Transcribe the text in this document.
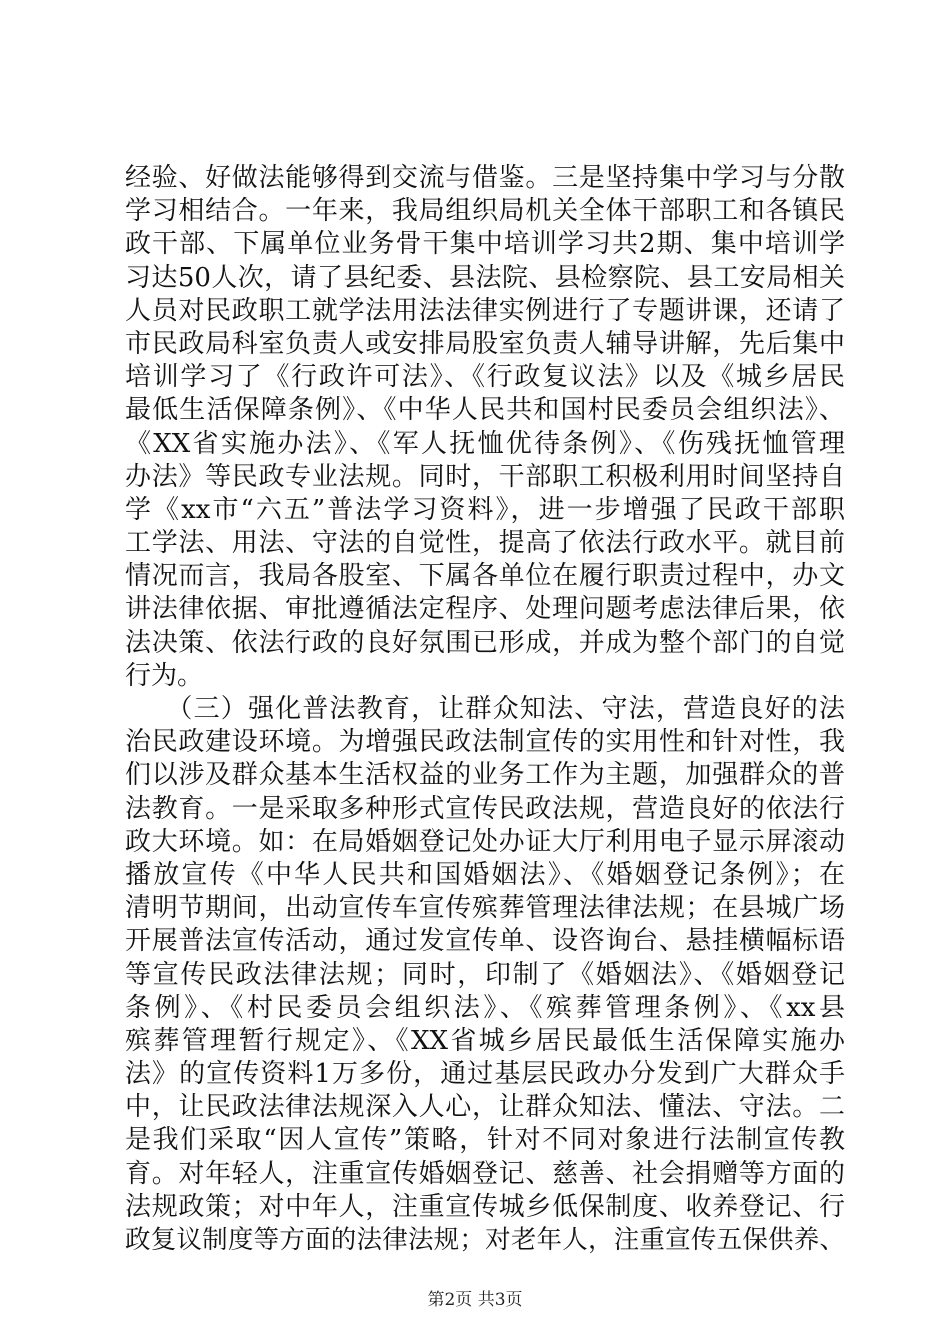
经验、好做法能够得到交流与借鉴。三是坚持集中学习与分散
学习相结合。一年来，我局组织局机关全体干部职工和各镇民
政干部、下属单位业务骨干集中培训学习共2期、集中培训学
习达50人次，请了县纪委、县法院、县检察院、县工安局相关
人员对民政职工就学法用法法律实例进行了专题讲课，还请了
市民政局科室负责人或安排局股室负责人辅导讲解，先后集中
培训学习了《行政许可法》、《行政复议法》以及《城乡居民
最低生活保障条例》、《中华人民共和国村民委员会组织法》、
《XX省实施办法》、《军人抚恤优待条例》、《伤残抚恤管理
办法》等民政专业法规。同时，干部职工积极利用时间坚持自
学《xx市“六五”普法学习资料》，进一步增强了民政干部职
工学法、用法、守法的自觉性，提高了依法行政水平。就目前
情况而言，我局各股室、下属各单位在履行职责过程中，办文
讲法律依据、审批遵循法定程序、处理问题考虑法律后果，依
法决策、依法行政的良好氛围已形成，并成为整个部门的自觉
行为。
　　（三）强化普法教育，让群众知法、守法，营造良好的法
治民政建设环境。为增强民政法制宣传的实用性和针对性，我
们以涉及群众基本生活权益的业务工作为主题，加强群众的普
法教育。一是采取多种形式宣传民政法规，营造良好的依法行
政大环境。如：在局婚姻登记处办证大厅利用电子显示屏滚动
播放宣传《中华人民共和国婚姻法》、《婚姻登记条例》；在
清明节期间，出动宣传车宣传殡葬管理法律法规；在县城广场
开展普法宣传活动，通过发宣传单、设咨询台、悬挂横幅标语
等宣传民政法律法规；同时，印制了《婚姻法》、《婚姻登记
条例》、《村民委员会组织法》、《殡葬管理条例》、《xx县
殡葬管理暂行规定》、《XX省城乡居民最低生活保障实施办
法》的宣传资料1万多份，通过基层民政办分发到广大群众手
中，让民政法律法规深入人心，让群众知法、懂法、守法。二
是我们采取“因人宣传”策略，针对不同对象进行法制宣传教
育。对年轻人，注重宣传婚姻登记、慈善、社会捐赠等方面的
法规政策；对中年人，注重宣传城乡低保制度、收养登记、行
政复议制度等方面的法律法规；对老年人，注重宣传五保供养、
第2页 共3页
